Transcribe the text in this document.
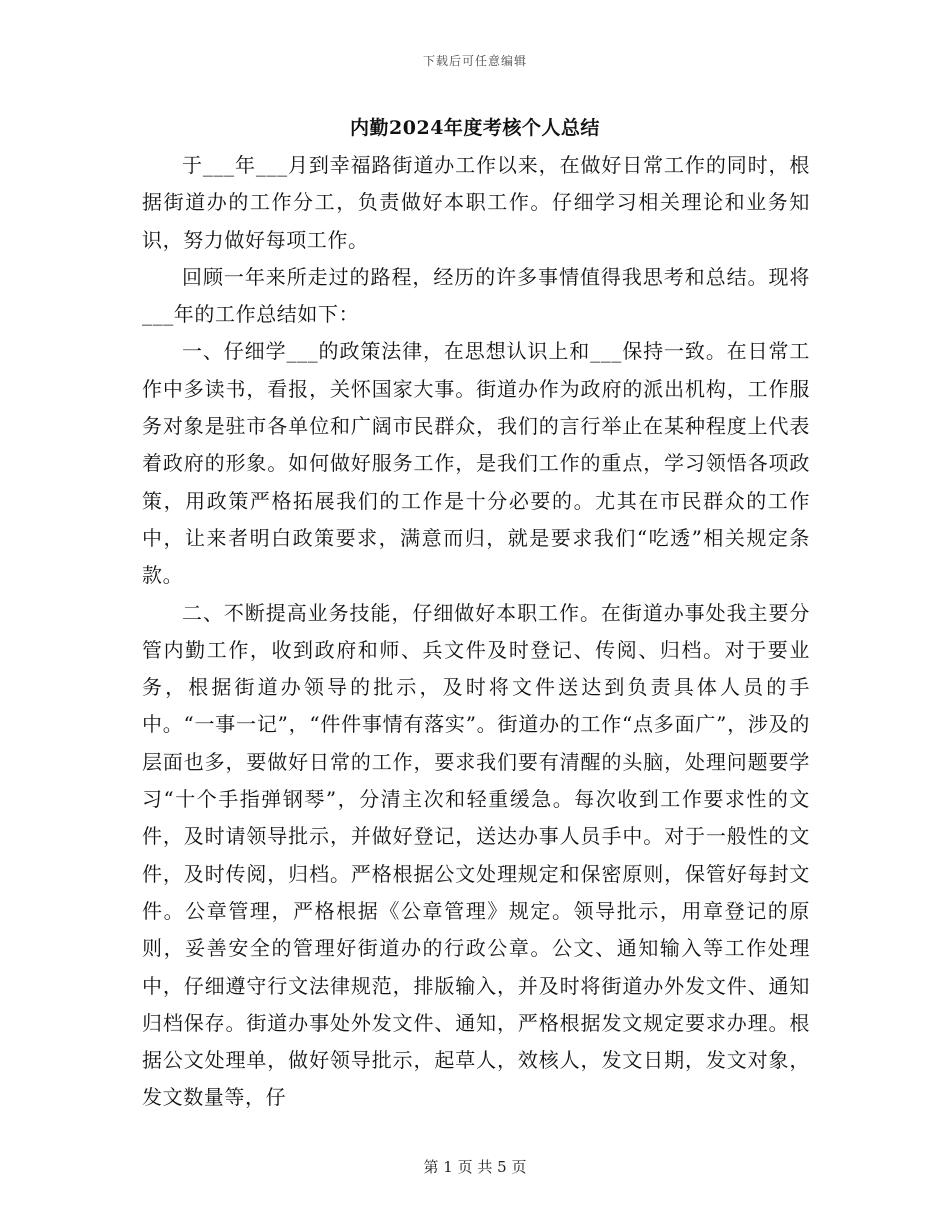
下载后可任意编辑
内勤2024年度考核个人总结

于___年___月到幸福路街道办工作以来，在做好日常工作的同时，根据街道办的工作分工，负责做好本职工作。仔细学习相关理论和业务知识，努力做好每项工作。

回顾一年来所走过的路程，经历的许多事情值得我思考和总结。现将___年的工作总结如下：

一、仔细学___的政策法律，在思想认识上和___保持一致。在日常工作中多读书，看报，关怀国家大事。街道办作为政府的派出机构，工作服务对象是驻市各单位和广阔市民群众，我们的言行举止在某种程度上代表着政府的形象。如何做好服务工作，是我们工作的重点，学习领悟各项政策，用政策严格拓展我们的工作是十分必要的。尤其在市民群众的工作中，让来者明白政策要求，满意而归，就是要求我们“吃透”相关规定条款。

二、不断提高业务技能，仔细做好本职工作。在街道办事处我主要分管内勤工作，收到政府和师、兵文件及时登记、传阅、归档。对于要业务，根据街道办领导的批示，及时将文件送达到负责具体人员的手中。“一事一记”，“件件事情有落实”。街道办的工作“点多面广”，涉及的层面也多，要做好日常的工作，要求我们要有清醒的头脑，处理问题要学习“十个手指弹钢琴”，分清主次和轻重缓急。每次收到工作要求性的文件，及时请领导批示，并做好登记，送达办事人员手中。对于一般性的文件，及时传阅，归档。严格根据公文处理规定和保密原则，保管好每封文件。公章管理，严格根据《公章管理》规定。领导批示，用章登记的原则，妥善安全的管理好街道办的行政公章。公文、通知输入等工作处理中，仔细遵守行文法律规范，排版输入，并及时将街道办外发文件、通知归档保存。街道办事处外发文件、通知，严格根据发文规定要求办理。根据公文处理单，做好领导批示，起草人，效核人，发文日期，发文对象，发文数量等，仔

第 1 页 共 5 页
